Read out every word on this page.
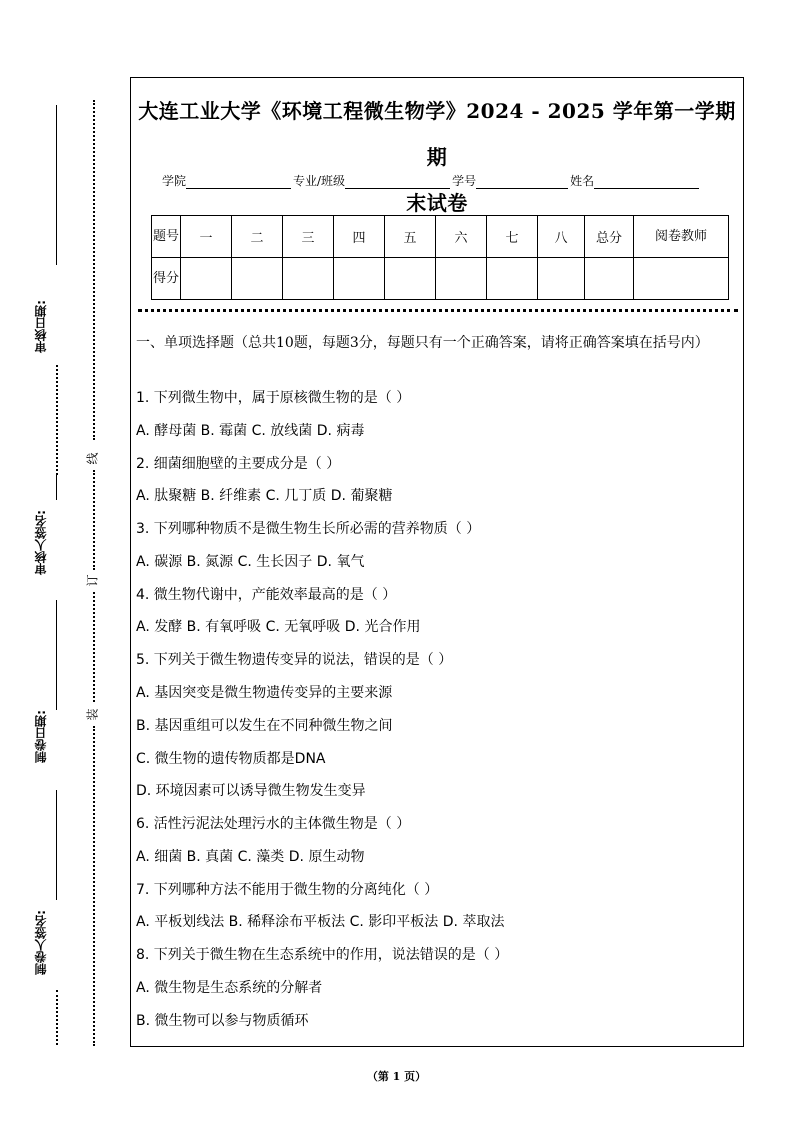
审核日期:
审核人签名:
制卷日期:
制卷人签名:
线
订
装
大连工业大学《环境工程微生物学》2024 - 2025 学年第一学期期
末试卷
学院	专业/班级	学号	姓名
题号	一	二	三	四	五	六	七	八	总分	阅卷教师
得分										
一、单项选择题（总共10题，每题3分，每题只有一个正确答案，请将正确答案填在括号内）
1. 下列微生物中，属于原核微生物的是（ ）
A. 酵母菌 B. 霉菌 C. 放线菌 D. 病毒
2. 细菌细胞壁的主要成分是（ ）
A. 肽聚糖 B. 纤维素 C. 几丁质 D. 葡聚糖
3. 下列哪种物质不是微生物生长所必需的营养物质（ ）
A. 碳源 B. 氮源 C. 生长因子 D. 氧气
4. 微生物代谢中，产能效率最高的是（ ）
A. 发酵 B. 有氧呼吸 C. 无氧呼吸 D. 光合作用
5. 下列关于微生物遗传变异的说法，错误的是（ ）
A. 基因突变是微生物遗传变异的主要来源
B. 基因重组可以发生在不同种微生物之间
C. 微生物的遗传物质都是DNA
D. 环境因素可以诱导微生物发生变异
6. 活性污泥法处理污水的主体微生物是（ ）
A. 细菌 B. 真菌 C. 藻类 D. 原生动物
7. 下列哪种方法不能用于微生物的分离纯化（ ）
A. 平板划线法 B. 稀释涂布平板法 C. 影印平板法 D. 萃取法
8. 下列关于微生物在生态系统中的作用，说法错误的是（ ）
A. 微生物是生态系统的分解者
B. 微生物可以参与物质循环
（第 1 页）
